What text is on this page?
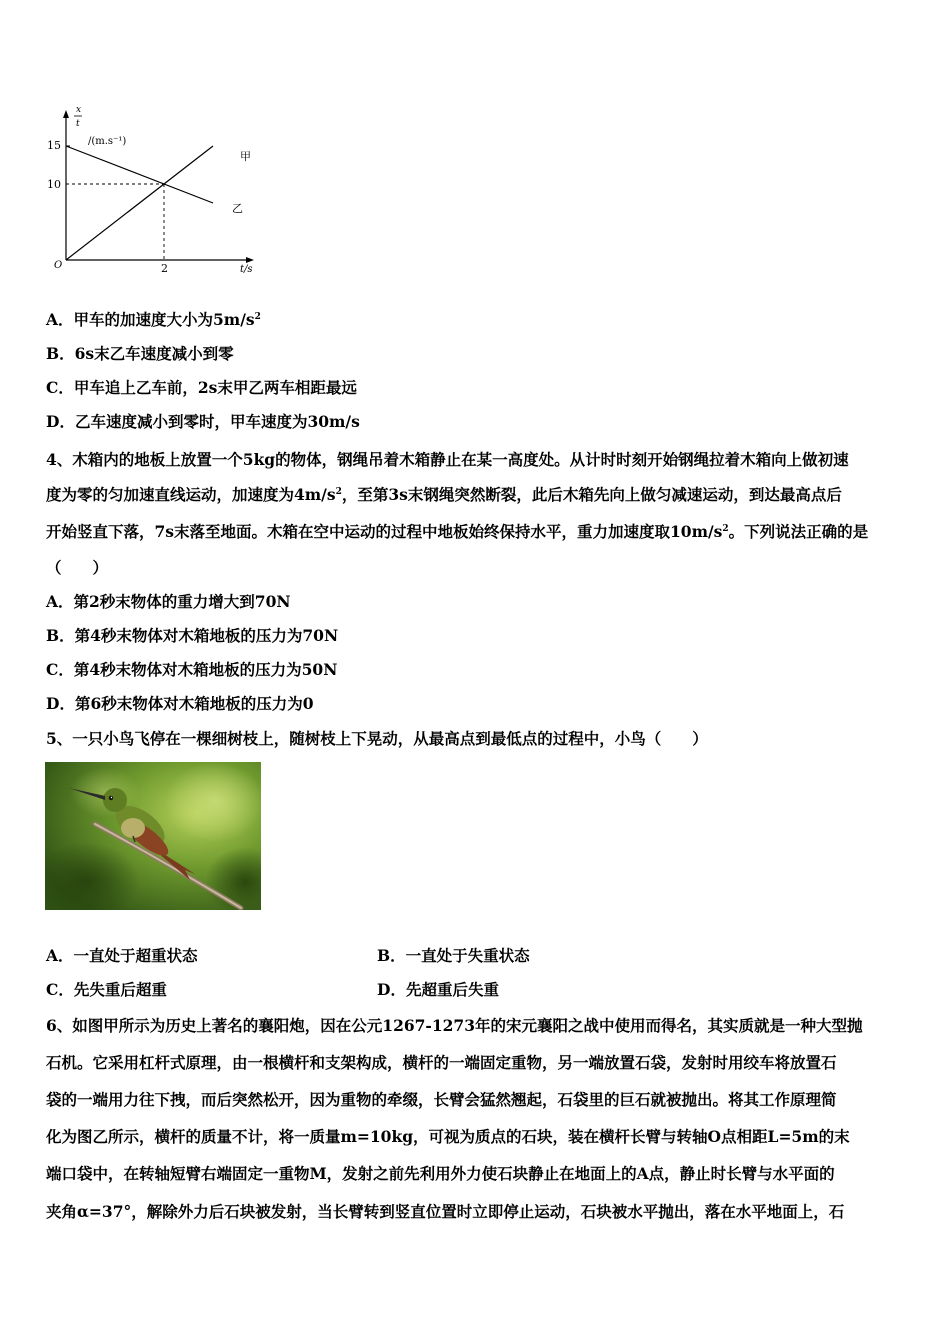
x
t
/(m.s⁻¹)
t/s
O
15
10
2
甲
乙
A．甲车的加速度大小为$5m/s^2$
B．6s末乙车速度减小到零
C．甲车追上乙车前，2s末甲乙两车相距最远
D．乙车速度减小到零时，甲车速度为30m/s
4、木箱内的地板上放置一个5kg的物体，钢绳吊着木箱静止在某一高度处。从计时时刻开始钢绳拉着木箱向上做初速
度为零的匀加速直线运动，加速度为$4m/s^2$，至第3s末钢绳突然断裂，此后木箱先向上做匀减速运动，到达最高点后
开始竖直下落，7s末落至地面。木箱在空中运动的过程中地板始终保持水平，重力加速度取$10m/s^2$。下列说法正确的是
（　　）
A．第2秒末物体的重力增大到70N
B．第4秒末物体对木箱地板的压力为70N
C．第4秒末物体对木箱地板的压力为50N
D．第6秒末物体对木箱地板的压力为0
5、一只小鸟飞停在一棵细树枝上，随树枝上下晃动，从最高点到最低点的过程中，小鸟（　　）
A．一直处于超重状态	B．一直处于失重状态
C．先失重后超重	D．先超重后失重
6、如图甲所示为历史上著名的襄阳炮，因在公元1267-1273年的宋元襄阳之战中使用而得名，其实质就是一种大型抛
石机。它采用杠杆式原理，由一根横杆和支架构成，横杆的一端固定重物，另一端放置石袋，发射时用绞车将放置石
袋的一端用力往下拽，而后突然松开，因为重物的牵缀，长臂会猛然翘起，石袋里的巨石就被抛出。将其工作原理简
化为图乙所示，横杆的质量不计，将一质量m=10kg，可视为质点的石块，装在横杆长臂与转轴O点相距L=5m的末
端口袋中，在转轴短臂右端固定一重物M，发射之前先利用外力使石块静止在地面上的A点，静止时长臂与水平面的
夹角α=37°，解除外力后石块被发射，当长臂转到竖直位置时立即停止运动，石块被水平抛出，落在水平地面上，石
